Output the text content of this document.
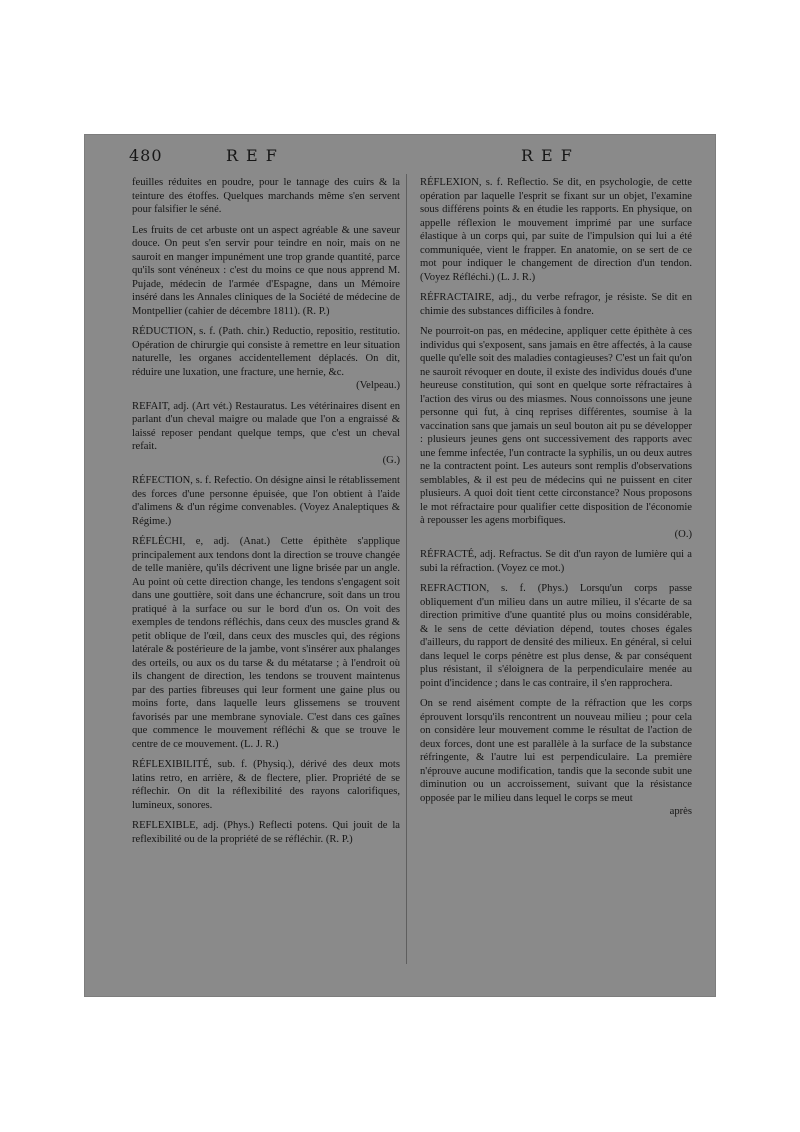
480	REF	REF

feuilles réduites en poudre, pour le tannage des cuirs & la teinture des étoffes. Quelques marchands même s'en servent pour falsifier le séné.

Les fruits de cet arbuste ont un aspect agréable & une saveur douce. On peut s'en servir pour teindre en noir, mais on ne sauroit en manger impunément une trop grande quantité, parce qu'ils sont vénéneux : c'est du moins ce que nous apprend M. Pujade, médecin de l'armée d'Espagne, dans un Mémoire inséré dans les Annales cliniques de la Société de médecine de Montpellier (cahier de décembre 1811). (R. P.)

RÉDUCTION, s. f. (Path. chir.) Reductio, repositio, restitutio. Opération de chirurgie qui consiste à remettre en leur situation naturelle, les organes accidentellement déplacés. On dit, réduire une luxation, une fracture, une hernie, &c.

(Velpeau.)

REFAIT, adj. (Art vét.) Restauratus. Les vétérinaires disent en parlant d'un cheval maigre ou malade que l'on a engraissé & laissé reposer pendant quelque temps, que c'est un cheval refait.

(G.)

RÉFECTION, s. f. Refectio. On désigne ainsi le rétablissement des forces d'une personne épuisée, que l'on obtient à l'aide d'alimens & d'un régime convenables. (Voyez Analeptiques & Régime.)

RÉFLÉCHI, e, adj. (Anat.) Cette épithète s'applique principalement aux tendons dont la direction se trouve changée de telle manière, qu'ils décrivent une ligne brisée par un angle. Au point où cette direction change, les tendons s'engagent soit dans une gouttière, soit dans une échancrure, soit dans un trou pratiqué à la surface ou sur le bord d'un os. On voit des exemples de tendons réfléchis, dans ceux des muscles grand & petit oblique de l'œil, dans ceux des muscles qui, des régions latérale & postérieure de la jambe, vont s'insérer aux phalanges des orteils, ou aux os du tarse & du métatarse ; à l'endroit où ils changent de direction, les tendons se trouvent maintenus par des parties fibreuses qui leur forment une gaine plus ou moins forte, dans laquelle leurs glissemens se trouvent favorisés par une membrane synoviale. C'est dans ces gaînes que commence le mouvement réfléchi & que se trouve le centre de ce mouvement. (L. J. R.)

RÉFLEXIBILITÉ, sub. f. (Physiq.), dérivé des deux mots latins retro, en arrière, & de flectere, plier. Propriété de se réflechir. On dit la réflexibilité des rayons calorifiques, lumineux, sonores.

REFLEXIBLE, adj. (Phys.) Reflecti potens. Qui jouit de la reflexibilité ou de la propriété de se réfléchir. (R. P.)

RÉFLEXION, s. f. Reflectio. Se dit, en psychologie, de cette opération par laquelle l'esprit se fixant sur un objet, l'examine sous différens points & en étudie les rapports. En physique, on appelle réflexion le mouvement imprimé par une surface élastique à un corps qui, par suite de l'impulsion qui lui a été communiquée, vient le frapper. En anatomie, on se sert de ce mot pour indiquer le changement de direction d'un tendon. (Voyez Réfléchi.) (L. J. R.)

RÉFRACTAIRE, adj., du verbe refragor, je résiste. Se dit en chimie des substances difficiles à fondre.

Ne pourroit-on pas, en médecine, appliquer cette épithète à ces individus qui s'exposent, sans jamais en être affectés, à la cause quelle qu'elle soit des maladies contagieuses? C'est un fait qu'on ne sauroit révoquer en doute, il existe des individus doués d'une heureuse constitution, qui sont en quelque sorte réfractaires à l'action des virus ou des miasmes. Nous connoissons une jeune personne qui fut, à cinq reprises différentes, soumise à la vaccination sans que jamais un seul bouton ait pu se développer : plusieurs jeunes gens ont successivement des rapports avec une femme infectée, l'un contracte la syphilis, un ou deux autres ne la contractent point. Les auteurs sont remplis d'observations semblables, & il est peu de médecins qui ne puissent en citer plusieurs. A quoi doit tient cette circonstance? Nous proposons le mot réfractaire pour qualifier cette disposition de l'économie à repousser les agens morbifiques.

(O.)

RÉFRACTÉ, adj. Refractus. Se dit d'un rayon de lumière qui a subi la réfraction. (Voyez ce mot.)

REFRACTION, s. f. (Phys.) Lorsqu'un corps passe obliquement d'un milieu dans un autre milieu, il s'écarte de sa direction primitive d'une quantité plus ou moins considérable, & le sens de cette déviation dépend, toutes choses égales d'ailleurs, du rapport de densité des milieux. En général, si celui dans lequel le corps pénètre est plus dense, & par conséquent plus résistant, il s'éloignera de la perpendiculaire menée au point d'incidence ; dans le cas contraire, il s'en rapprochera.

On se rend aisément compte de la réfraction que les corps éprouvent lorsqu'ils rencontrent un nouveau milieu ; pour cela on considère leur mouvement comme le résultat de l'action de deux forces, dont une est parallèle à la surface de la substance réfringente, & l'autre lui est perpendiculaire. La première n'éprouve aucune modification, tandis que la seconde subit une diminution ou un accroissement, suivant que la résistance opposée par le milieu dans lequel le corps se meut

après
